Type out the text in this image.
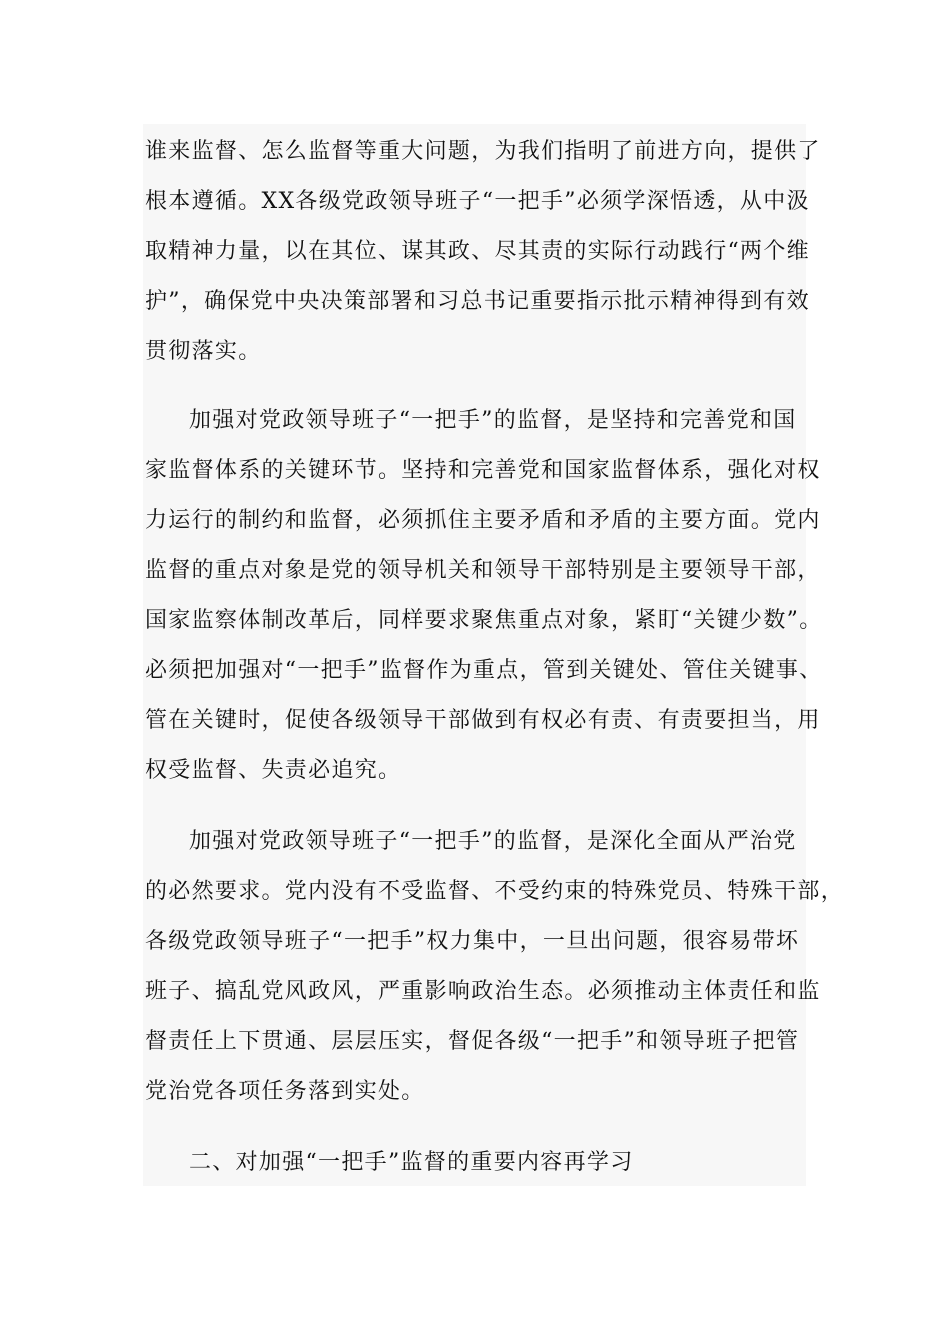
谁来监督、怎么监督等重大问题，为我们指明了前进方向，提供了
根本遵循。XX各级党政领导班子“一把手”必须学深悟透，从中汲
取精神力量，以在其位、谋其政、尽其责的实际行动践行“两个维
护”，确保党中央决策部署和习总书记重要指示批示精神得到有效
贯彻落实。
加强对党政领导班子“一把手”的监督，是坚持和完善党和国
家监督体系的关键环节。坚持和完善党和国家监督体系，强化对权
力运行的制约和监督，必须抓住主要矛盾和矛盾的主要方面。党内
监督的重点对象是党的领导机关和领导干部特别是主要领导干部，
国家监察体制改革后，同样要求聚焦重点对象，紧盯“关键少数”。
必须把加强对“一把手”监督作为重点，管到关键处、管住关键事、
管在关键时，促使各级领导干部做到有权必有责、有责要担当，用
权受监督、失责必追究。
加强对党政领导班子“一把手”的监督，是深化全面从严治党
的必然要求。党内没有不受监督、不受约束的特殊党员、特殊干部，
各级党政领导班子“一把手”权力集中，一旦出问题，很容易带坏
班子、搞乱党风政风，严重影响政治生态。必须推动主体责任和监
督责任上下贯通、层层压实，督促各级“一把手”和领导班子把管
党治党各项任务落到实处。
二、对加强“一把手”监督的重要内容再学习
